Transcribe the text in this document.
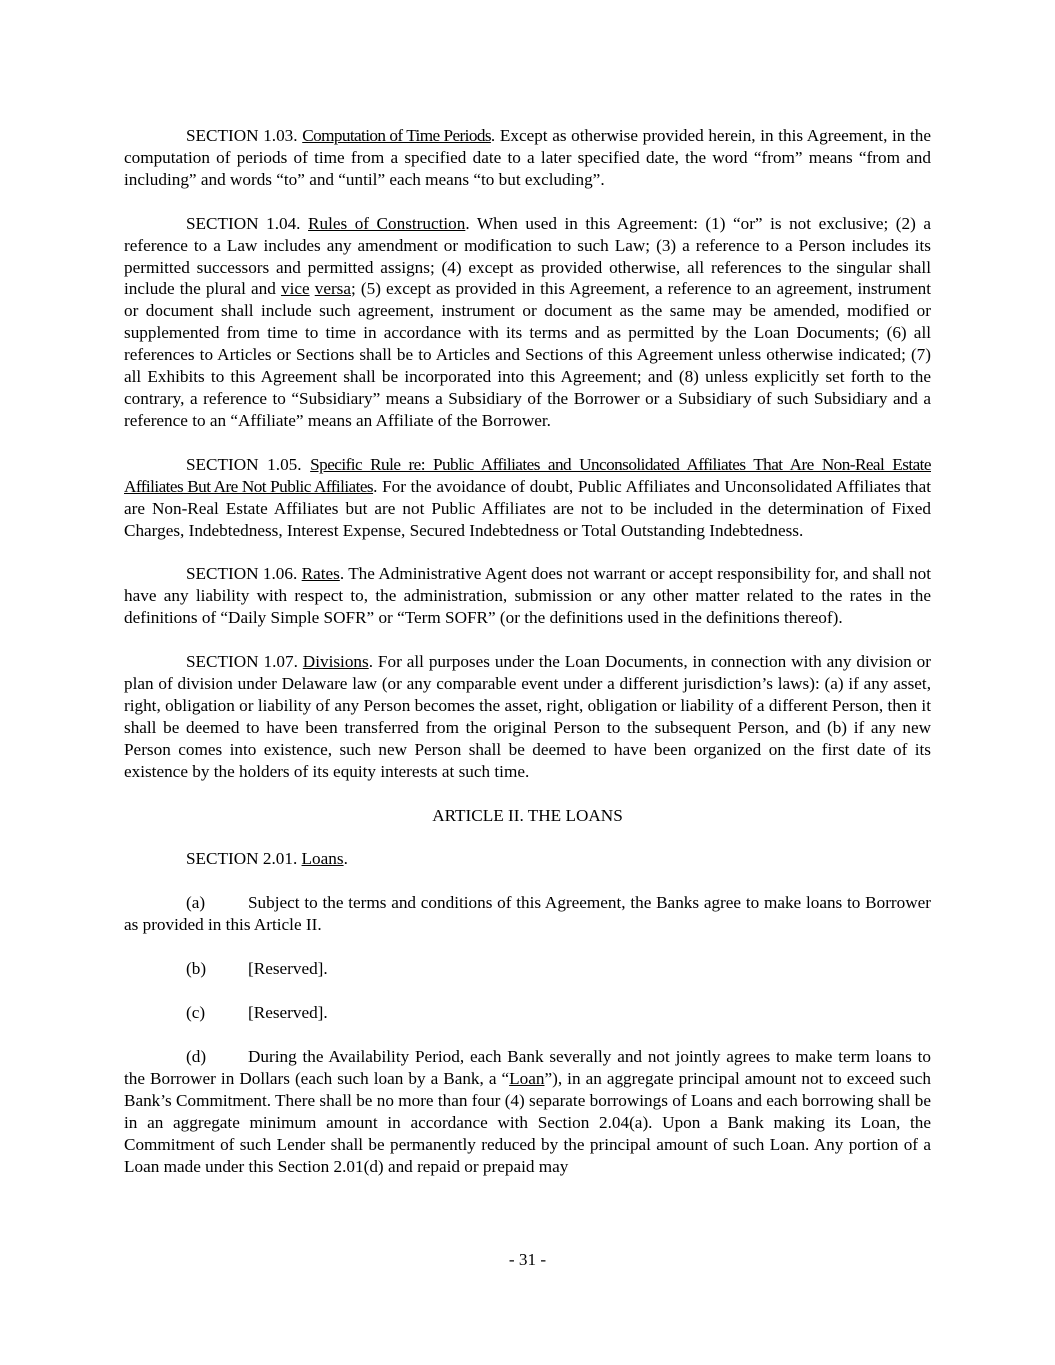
SECTION 1.03. Computation of Time Periods. Except as otherwise provided herein, in this Agreement, in the computation of periods of time from a specified date to a later specified date, the word “from” means “from and including” and words “to” and “until” each means “to but excluding”.

SECTION 1.04. Rules of Construction. When used in this Agreement: (1) “or” is not exclusive; (2) a reference to a Law includes any amendment or modification to such Law; (3) a reference to a Person includes its permitted successors and permitted assigns; (4) except as provided otherwise, all references to the singular shall include the plural and vice versa; (5) except as provided in this Agreement, a reference to an agreement, instrument or document shall include such agreement, instrument or document as the same may be amended, modified or supplemented from time to time in accordance with its terms and as permitted by the Loan Documents; (6) all references to Articles or Sections shall be to Articles and Sections of this Agreement unless otherwise indicated; (7) all Exhibits to this Agreement shall be incorporated into this Agreement; and (8) unless explicitly set forth to the contrary, a reference to “Subsidiary” means a Subsidiary of the Borrower or a Subsidiary of such Subsidiary and a reference to an “Affiliate” means an Affiliate of the Borrower.

SECTION 1.05. Specific Rule re: Public Affiliates and Unconsolidated Affiliates That Are Non-Real Estate Affiliates But Are Not Public Affiliates. For the avoidance of doubt, Public Affiliates and Unconsolidated Affiliates that are Non-Real Estate Affiliates but are not Public Affiliates are not to be included in the determination of Fixed Charges, Indebtedness, Interest Expense, Secured Indebtedness or Total Outstanding Indebtedness.

SECTION 1.06. Rates. The Administrative Agent does not warrant or accept responsibility for, and shall not have any liability with respect to, the administration, submission or any other matter related to the rates in the definitions of “Daily Simple SOFR” or “Term SOFR” (or the definitions used in the definitions thereof).

SECTION 1.07. Divisions. For all purposes under the Loan Documents, in connection with any division or plan of division under Delaware law (or any comparable event under a different jurisdiction’s laws): (a) if any asset, right, obligation or liability of any Person becomes the asset, right, obligation or liability of a different Person, then it shall be deemed to have been transferred from the original Person to the subsequent Person, and (b) if any new Person comes into existence, such new Person shall be deemed to have been organized on the first date of its existence by the holders of its equity interests at such time.

ARTICLE II. THE LOANS

SECTION 2.01. Loans.

(a) Subject to the terms and conditions of this Agreement, the Banks agree to make loans to Borrower as provided in this Article II.

(b) [Reserved].

(c) [Reserved].

(d) During the Availability Period, each Bank severally and not jointly agrees to make term loans to the Borrower in Dollars (each such loan by a Bank, a “Loan”), in an aggregate principal amount not to exceed such Bank’s Commitment. There shall be no more than four (4) separate borrowings of Loans and each borrowing shall be in an aggregate minimum amount in accordance with Section 2.04(a). Upon a Bank making its Loan, the Commitment of such Lender shall be permanently reduced by the principal amount of such Loan. Any portion of a Loan made under this Section 2.01(d) and repaid or prepaid may

- 31 -
